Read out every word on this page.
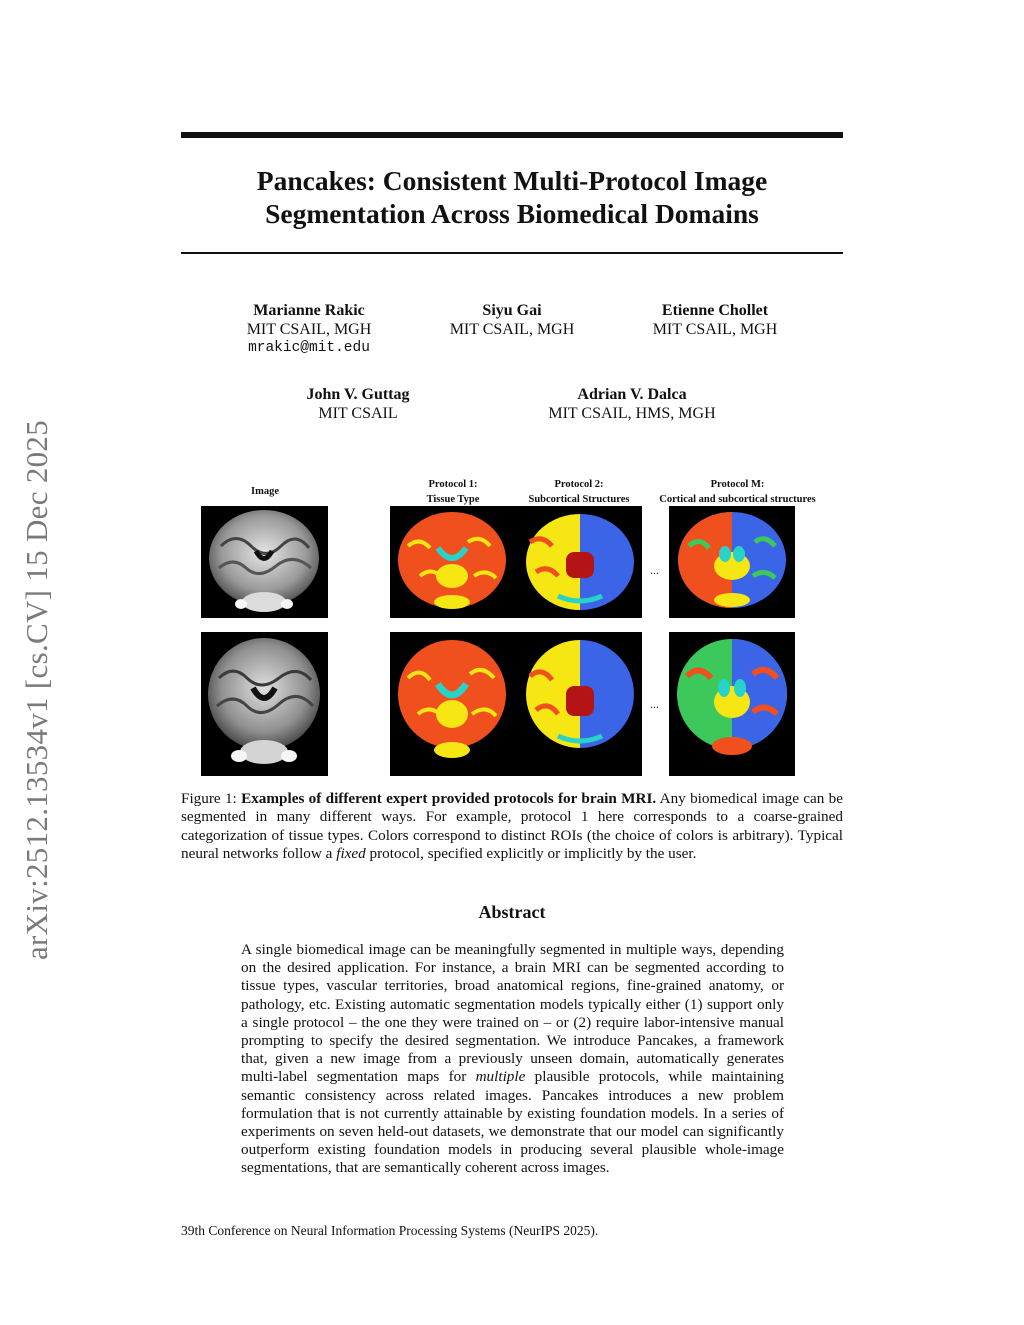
arXiv:2512.13534v1 [cs.CV] 15 Dec 2025
Pancakes: Consistent Multi-Protocol Image
Segmentation Across Biomedical Domains
Marianne Rakic
MIT CSAIL, MGH
mrakic@mit.edu
Siyu Gai
MIT CSAIL, MGH
Etienne Chollet
MIT CSAIL, MGH
John V. Guttag
MIT CSAIL
Adrian V. Dalca
MIT CSAIL, HMS, MGH
Image
Protocol 1:
Tissue Type
Protocol 2:
Subcortical Structures
Protocol M:
Cortical and subcortical structures
...
...
Figure 1: Examples of different expert provided protocols for brain MRI. Any biomedical image can be segmented in many different ways. For example, protocol 1 here corresponds to a coarse-grained categorization of tissue types. Colors correspond to distinct ROIs (the choice of colors is arbitrary). Typical neural networks follow a fixed protocol, specified explicitly or implicitly by the user.
Abstract
A single biomedical image can be meaningfully segmented in multiple ways, depending on the desired application. For instance, a brain MRI can be segmented according to tissue types, vascular territories, broad anatomical regions, fine-grained anatomy, or pathology, etc. Existing automatic segmentation models typically either (1) support only a single protocol – the one they were trained on – or (2) require labor-intensive manual prompting to specify the desired segmentation. We introduce Pancakes, a framework that, given a new image from a previously unseen domain, automatically generates multi-label segmentation maps for multiple plausible protocols, while maintaining semantic consistency across related images. Pancakes introduces a new problem formulation that is not currently attainable by existing foundation models. In a series of experiments on seven held-out datasets, we demonstrate that our model can significantly outperform existing foundation models in producing several plausible whole-image segmentations, that are semantically coherent across images.
39th Conference on Neural Information Processing Systems (NeurIPS 2025).
